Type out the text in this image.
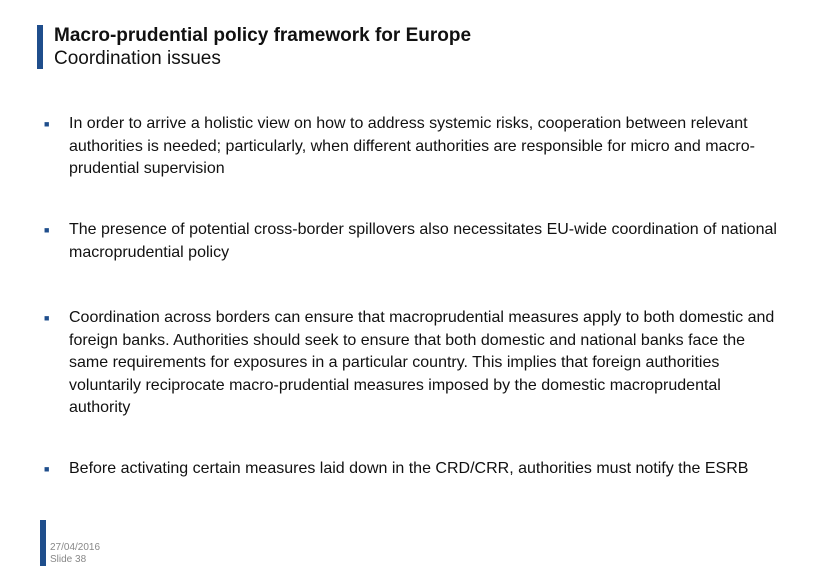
Macro-prudential policy framework for Europe
Coordination issues
■	In order to arrive a holistic view on how to address systemic risks, cooperation between relevant authorities is needed; particularly, when different authorities are responsible for micro and macro-prudential supervision
■	The presence of potential cross-border spillovers also necessitates EU-wide coordination of national macroprudential policy
■	Coordination across borders can ensure that macroprudential measures apply to both domestic and foreign banks. Authorities should seek to ensure that both domestic and national banks face the same requirements for exposures in a particular country. This implies that foreign authorities voluntarily reciprocate macro-prudential measures imposed by the domestic macroprudental authority
■	Before activating certain measures laid down in the CRD/CRR, authorities must notify the ESRB
27/04/2016
Slide 38
